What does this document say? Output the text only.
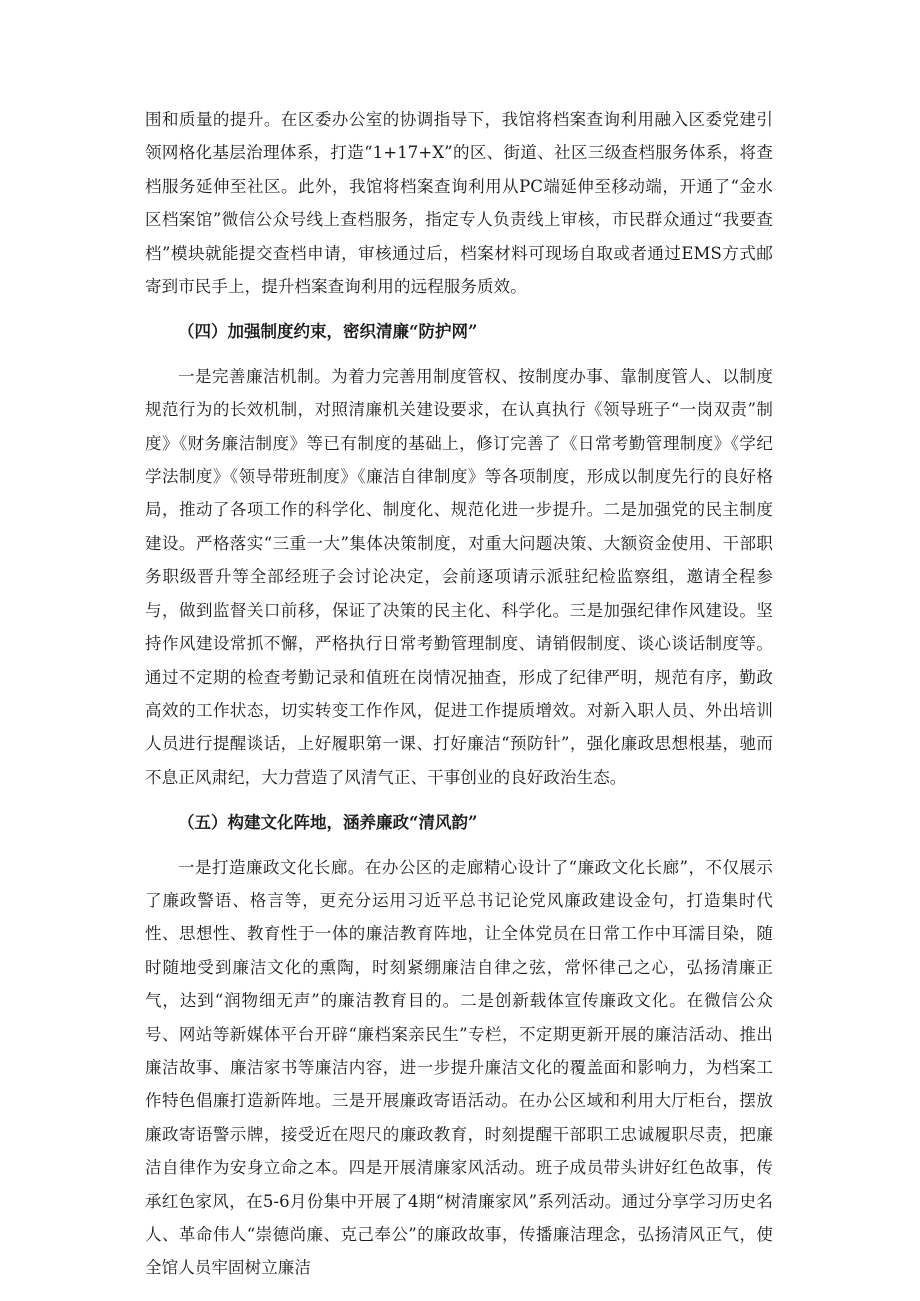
围和质量的提升。在区委办公室的协调指导下，我馆将档案查询利用融入区委党建引领网格化基层治理体系，打造“1+17+X”的区、街道、社区三级查档服务体系，将查档服务延伸至社区。此外，我馆将档案查询利用从PC端延伸至移动端，开通了“金水区档案馆”微信公众号线上查档服务，指定专人负责线上审核，市民群众通过“我要查档”模块就能提交查档申请，审核通过后，档案材料可现场自取或者通过EMS方式邮寄到市民手上，提升档案查询利用的远程服务质效。

（四）加强制度约束，密织清廉“防护网”

一是完善廉洁机制。为着力完善用制度管权、按制度办事、靠制度管人、以制度规范行为的长效机制，对照清廉机关建设要求，在认真执行《领导班子“一岗双责”制度》《财务廉洁制度》等已有制度的基础上，修订完善了《日常考勤管理制度》《学纪学法制度》《领导带班制度》《廉洁自律制度》等各项制度，形成以制度先行的良好格局，推动了各项工作的科学化、制度化、规范化进一步提升。二是加强党的民主制度建设。严格落实“三重一大”集体决策制度，对重大问题决策、大额资金使用、干部职务职级晋升等全部经班子会讨论决定，会前逐项请示派驻纪检监察组，邀请全程参与，做到监督关口前移，保证了决策的民主化、科学化。三是加强纪律作风建设。坚持作风建设常抓不懈，严格执行日常考勤管理制度、请销假制度、谈心谈话制度等。通过不定期的检查考勤记录和值班在岗情况抽查，形成了纪律严明，规范有序，勤政高效的工作状态，切实转变工作作风，促进工作提质增效。对新入职人员、外出培训人员进行提醒谈话，上好履职第一课、打好廉洁“预防针”，强化廉政思想根基，驰而不息正风肃纪，大力营造了风清气正、干事创业的良好政治生态。

（五）构建文化阵地，涵养廉政“清风韵”

一是打造廉政文化长廊。在办公区的走廊精心设计了“廉政文化长廊”，不仅展示了廉政警语、格言等，更充分运用习近平总书记论党风廉政建设金句，打造集时代性、思想性、教育性于一体的廉洁教育阵地，让全体党员在日常工作中耳濡目染，随时随地受到廉洁文化的熏陶，时刻紧绷廉洁自律之弦，常怀律己之心，弘扬清廉正气，达到“润物细无声”的廉洁教育目的。二是创新载体宣传廉政文化。在微信公众号、网站等新媒体平台开辟“廉档案亲民生”专栏，不定期更新开展的廉洁活动、推出廉洁故事、廉洁家书等廉洁内容，进一步提升廉洁文化的覆盖面和影响力，为档案工作特色倡廉打造新阵地。三是开展廉政寄语活动。在办公区域和利用大厅柜台，摆放廉政寄语警示牌，接受近在咫尺的廉政教育，时刻提醒干部职工忠诚履职尽责，把廉洁自律作为安身立命之本。四是开展清廉家风活动。班子成员带头讲好红色故事，传承红色家风，在5-6月份集中开展了4期“树清廉家风”系列活动。通过分享学习历史名人、革命伟人“崇德尚廉、克己奉公”的廉政故事，传播廉洁理念，弘扬清风正气，使全馆人员牢固树立廉洁
